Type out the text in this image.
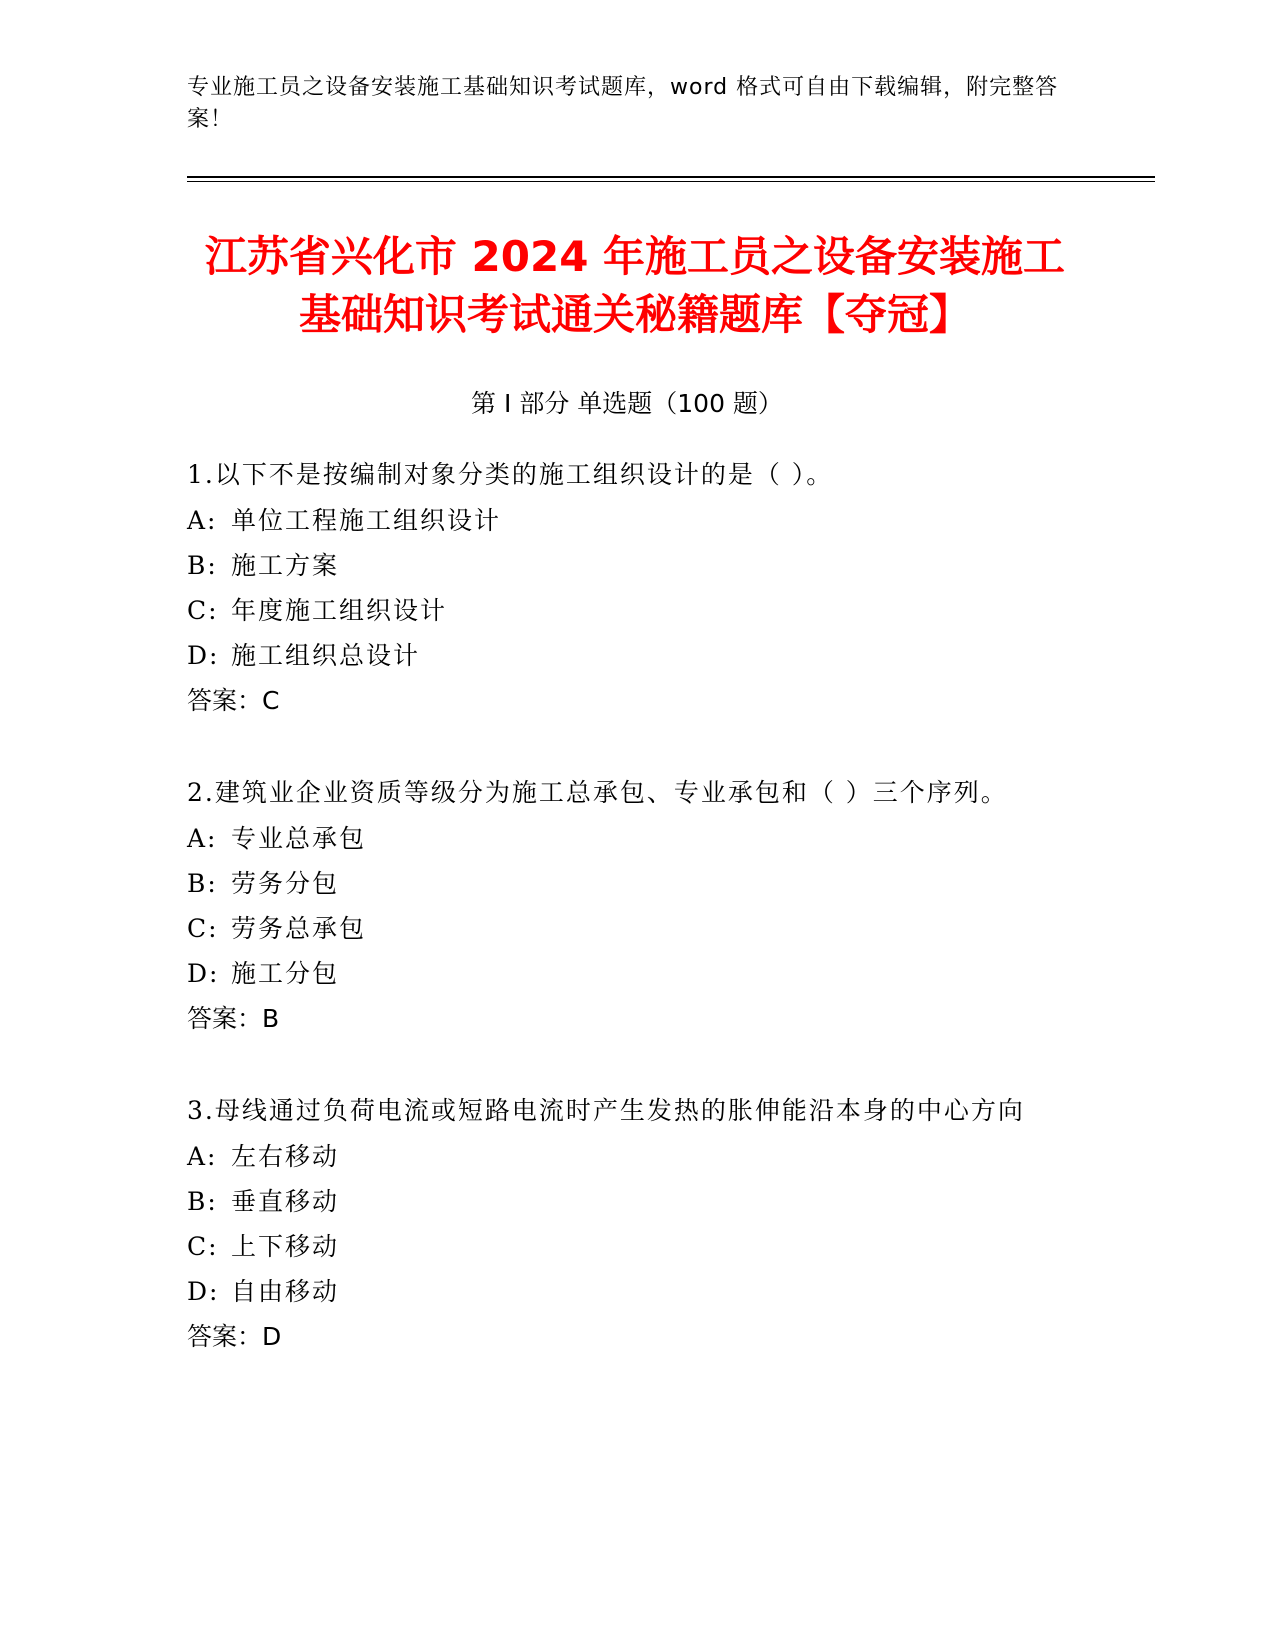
专业施工员之设备安装施工基础知识考试题库，word 格式可自由下载编辑，附完整答案！
江苏省兴化市 2024 年施工员之设备安装施工
基础知识考试通关秘籍题库【夺冠】
第 I 部分 单选题（100 题）
1.以下不是按编制对象分类的施工组织设计的是（ ）。
A: 单位工程施工组织设计
B: 施工方案
C: 年度施工组织设计
D: 施工组织总设计
答案：C
2.建筑业企业资质等级分为施工总承包、专业承包和（ ）三个序列。
A: 专业总承包
B: 劳务分包
C: 劳务总承包
D: 施工分包
答案：B
3.母线通过负荷电流或短路电流时产生发热的胀伸能沿本身的中心方向
A: 左右移动
B: 垂直移动
C: 上下移动
D: 自由移动
答案：D
